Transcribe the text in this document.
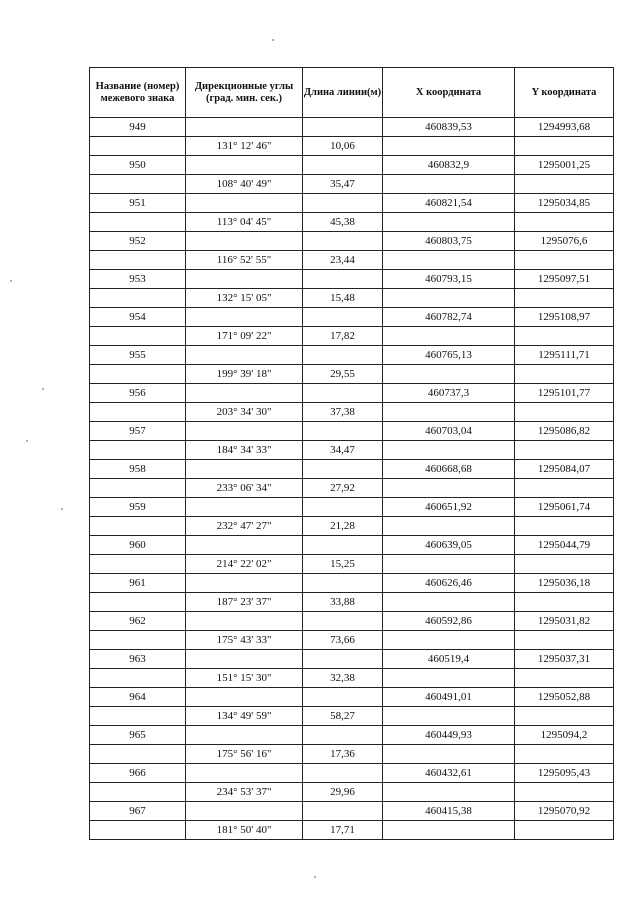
Название (номер) межевого знака	Дирекционные углы (град. мин. сек.)	Длина линии(м)	X координата	Y координата
949			460839,53	1294993,68
	131° 12' 46"	10,06		
950			460832,9	1295001,25
	108° 40' 49"	35,47		
951			460821,54	1295034,85
	113° 04' 45"	45,38		
952			460803,75	1295076,6
	116° 52' 55"	23,44		
953			460793,15	1295097,51
	132° 15' 05"	15,48		
954			460782,74	1295108,97
	171° 09' 22"	17,82		
955			460765,13	1295111,71
	199° 39' 18"	29,55		
956			460737,3	1295101,77
	203° 34' 30"	37,38		
957			460703,04	1295086,82
	184° 34' 33"	34,47		
958			460668,68	1295084,07
	233° 06' 34"	27,92		
959			460651,92	1295061,74
	232° 47' 27"	21,28		
960			460639,05	1295044,79
	214° 22' 02"	15,25		
961			460626,46	1295036,18
	187° 23' 37"	33,88		
962			460592,86	1295031,82
	175° 43' 33"	73,66		
963			460519,4	1295037,31
	151° 15' 30"	32,38		
964			460491,01	1295052,88
	134° 49' 59"	58,27		
965			460449,93	1295094,2
	175° 56' 16"	17,36		
966			460432,61	1295095,43
	234° 53' 37"	29,96		
967			460415,38	1295070,92
	181° 50' 40"	17,71		
